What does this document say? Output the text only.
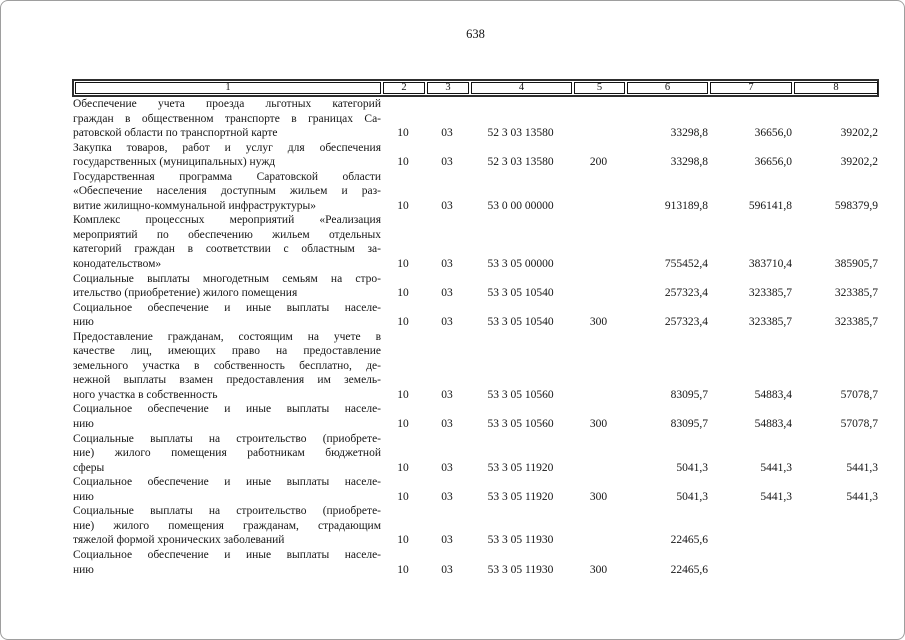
638
1	2	3	4	5	6	7	8
Обеспечение учета проезда льготных категорий
граждан в общественном транспорте в границах Са-
ратовской области по транспортной карте	10	03	52 3 03 13580		33298,8	36656,0	39202,2

Закупка товаров, работ и услуг для обеспечения
государственных (муниципальных) нужд	10	03	52 3 03 13580	200	33298,8	36656,0	39202,2

Государственная программа Саратовской области
«Обеспечение населения доступным жильем и раз-
витие жилищно-коммунальной инфраструктуры»	10	03	53 0 00 00000		913189,8	596141,8	598379,9

Комплекс процессных мероприятий «Реализация
мероприятий по обеспечению жильем отдельных
категорий граждан в соответствии с областным за-
конодательством»	10	03	53 3 05 00000		755452,4	383710,4	385905,7

Социальные выплаты многодетным семьям на стро-
ительство (приобретение) жилого помещения	10	03	53 3 05 10540		257323,4	323385,7	323385,7

Социальное обеспечение и иные выплаты населе-
нию	10	03	53 3 05 10540	300	257323,4	323385,7	323385,7

Предоставление гражданам, состоящим на учете в
качестве лиц, имеющих право на предоставление
земельного участка в собственность бесплатно, де-
нежной выплаты взамен предоставления им земель-
ного участка в собственность	10	03	53 3 05 10560		83095,7	54883,4	57078,7

Социальное обеспечение и иные выплаты населе-
нию	10	03	53 3 05 10560	300	83095,7	54883,4	57078,7

Социальные выплаты на строительство (приобрете-
ние) жилого помещения работникам бюджетной
сферы	10	03	53 3 05 11920		5041,3	5441,3	5441,3

Социальное обеспечение и иные выплаты населе-
нию	10	03	53 3 05 11920	300	5041,3	5441,3	5441,3

Социальные выплаты на строительство (приобрете-
ние) жилого помещения гражданам, страдающим
тяжелой формой хронических заболеваний	10	03	53 3 05 11930		22465,6		

Социальное обеспечение и иные выплаты населе-
нию	10	03	53 3 05 11930	300	22465,6		
